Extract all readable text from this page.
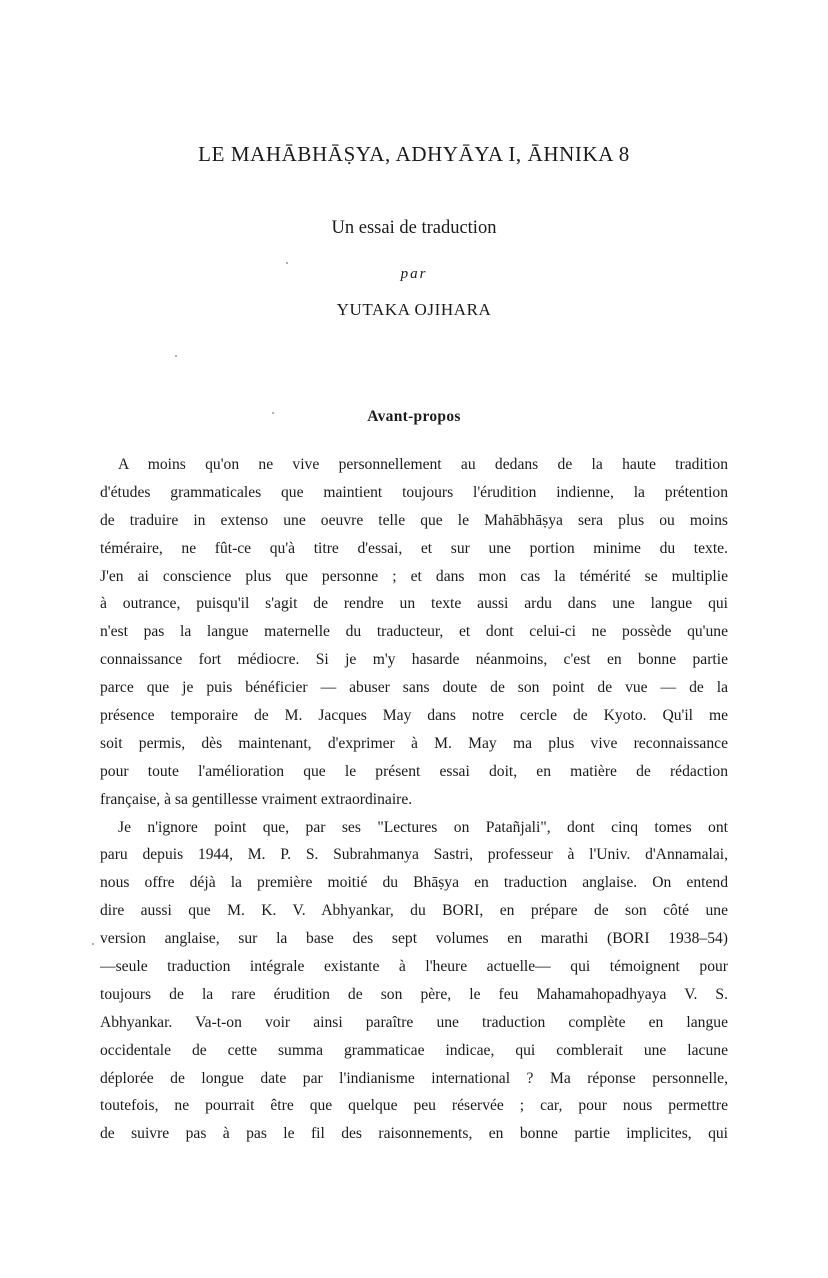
LE MAHĀBHĀṢYA, ADHYĀYA I, ĀHNIKA 8
Un essai de traduction
par
YUTAKA OJIHARA
Avant-propos
A moins qu'on ne vive personnellement au dedans de la haute tradition
d'études grammaticales que maintient toujours l'érudition indienne, la prétention
de traduire in extenso une oeuvre telle que le Mahābhāṣya sera plus ou moins
téméraire, ne fût-ce qu'à titre d'essai, et sur une portion minime du texte.
J'en ai conscience plus que personne ; et dans mon cas la témérité se multiplie
à outrance, puisqu'il s'agit de rendre un texte aussi ardu dans une langue qui
n'est pas la langue maternelle du traducteur, et dont celui-ci ne possède qu'une
connaissance fort médiocre. Si je m'y hasarde néanmoins, c'est en bonne partie
parce que je puis bénéficier — abuser sans doute de son point de vue — de la
présence temporaire de M. Jacques May dans notre cercle de Kyoto. Qu'il me
soit permis, dès maintenant, d'exprimer à M. May ma plus vive reconnaissance
pour toute l'amélioration que le présent essai doit, en matière de rédaction
française, à sa gentillesse vraiment extraordinaire.
Je n'ignore point que, par ses "Lectures on Patañjali", dont cinq tomes ont
paru depuis 1944, M. P. S. Subrahmanya Sastri, professeur à l'Univ. d'Annamalai,
nous offre déjà la première moitié du Bhāṣya en traduction anglaise. On entend
dire aussi que M. K. V. Abhyankar, du BORI, en prépare de son côté une
version anglaise, sur la base des sept volumes en marathi (BORI 1938–54)
—seule traduction intégrale existante à l'heure actuelle— qui témoignent pour
toujours de la rare érudition de son père, le feu Mahamahopadhyaya V. S.
Abhyankar. Va-t-on voir ainsi paraître une traduction complète en langue
occidentale de cette summa grammaticae indicae, qui comblerait une lacune
déplorée de longue date par l'indianisme international ? Ma réponse personnelle,
toutefois, ne pourrait être que quelque peu réservée ; car, pour nous permettre
de suivre pas à pas le fil des raisonnements, en bonne partie implicites, qui
